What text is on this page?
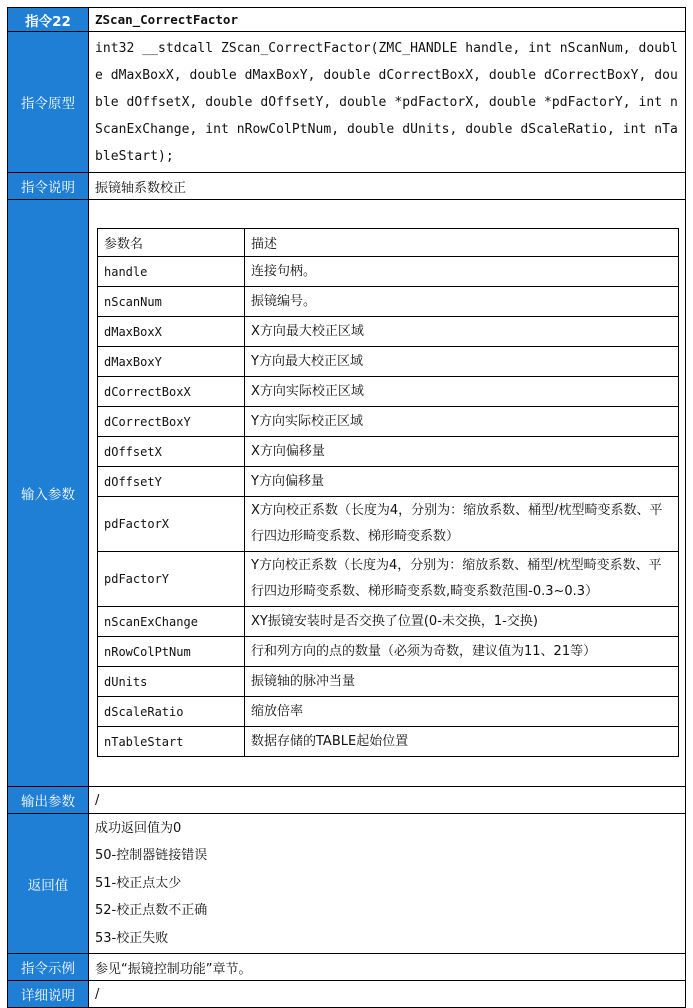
指令22	ZScan_CorrectFactor
指令原型	int32 __stdcall ZScan_CorrectFactor(ZMC_HANDLE handle, int nScanNum, double dMaxBoxX, double dMaxBoxY, double dCorrectBoxX, double dCorrectBoxY, double dOffsetX, double dOffsetY, double *pdFactorX, double *pdFactorY, int nScanExChange, int nRowColPtNum, double dUnits, double dScaleRatio, int nTableStart);
指令说明	振镜轴系数校正
输入参数	
参数名	描述
handle	连接句柄。
nScanNum	振镜编号。
dMaxBoxX	X方向最大校正区域
dMaxBoxY	Y方向最大校正区域
dCorrectBoxX	X方向实际校正区域
dCorrectBoxY	Y方向实际校正区域
dOffsetX	X方向偏移量
dOffsetY	Y方向偏移量
pdFactorX	X方向校正系数（长度为4，分别为：缩放系数、桶型/枕型畸变系数、平行四边形畸变系数、梯形畸变系数）
pdFactorY	Y方向校正系数（长度为4，分别为：缩放系数、桶型/枕型畸变系数、平行四边形畸变系数、梯形畸变系数,畸变系数范围-0.3~0.3）
nScanExChange	XY振镜安装时是否交换了位置(0-未交换，1-交换)
nRowColPtNum	行和列方向的点的数量（必须为奇数，建议值为11、21等）
dUnits	振镜轴的脉冲当量
dScaleRatio	缩放倍率
nTableStart	数据存储的TABLE起始位置

输出参数	/
返回值	
成功返回值为0
50-控制器链接错误
51-校正点太少
52-校正点数不正确
53-校正失败

指令示例	参见“振镜控制功能”章节。
详细说明	/
